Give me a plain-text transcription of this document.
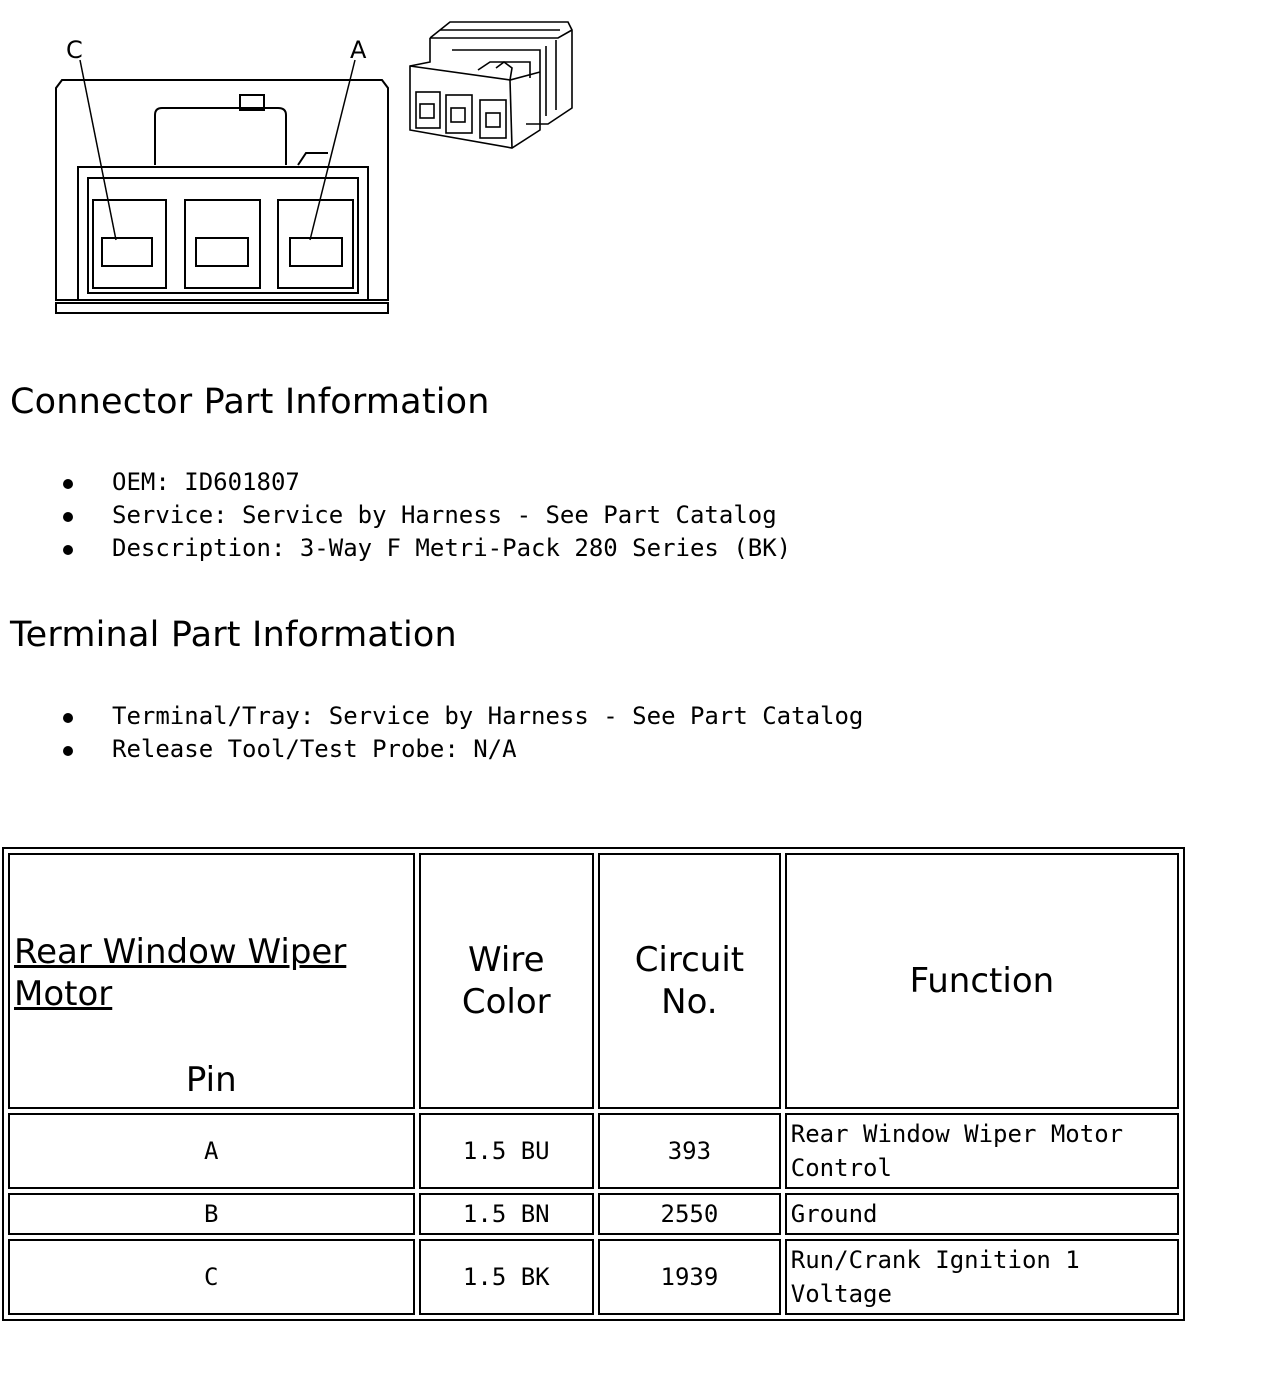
C	A
Connector Part Information
OEM: ID601807
Service: Service by Harness - See Part Catalog
Description: 3-Way F Metri-Pack 280 Series (BK)
Terminal Part Information
Terminal/Tray: Service by Harness - See Part Catalog
Release Tool/Test Probe: N/A
Rear Window Wiper Motor
Pin	Wire Color	Circuit No.	Function
A	1.5 BU	393	Rear Window Wiper Motor Control
B	1.5 BN	2550	Ground
C	1.5 BK	1939	Run/Crank Ignition 1 Voltage
